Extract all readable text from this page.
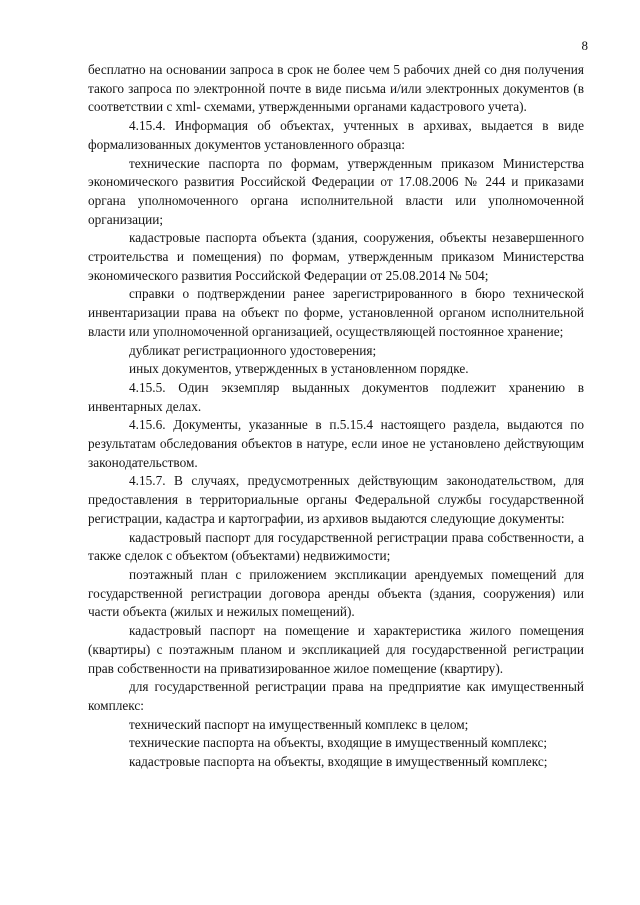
8

бесплатно на основании запроса в срок не более чем 5 рабочих дней со дня получения такого запроса по электронной почте в виде письма и/или электронных документов (в соответствии с xml- схемами, утвержденными органами кадастрового учета).

4.15.4. Информация об объектах, учтенных в архивах, выдается в виде формализованных документов установленного образца:

технические паспорта по формам, утвержденным приказом Министерства экономического развития Российской Федерации от 17.08.2006 № 244 и приказами органа уполномоченного органа исполнительной власти или уполномоченной организации;

кадастровые паспорта объекта (здания, сооружения, объекты незавершенного строительства и помещения) по формам, утвержденным приказом Министерства экономического развития Российской Федерации от 25.08.2014 № 504;

справки о подтверждении ранее зарегистрированного в бюро технической инвентаризации права на объект по форме, установленной органом исполнительной власти или уполномоченной организацией, осуществляющей постоянное хранение;

дубликат регистрационного удостоверения;

иных документов, утвержденных в установленном порядке.

4.15.5. Один экземпляр выданных документов подлежит хранению в инвентарных делах.

4.15.6. Документы, указанные в п.5.15.4 настоящего раздела, выдаются по результатам обследования объектов в натуре, если иное не установлено действующим законодательством.

4.15.7. В случаях, предусмотренных действующим законодательством, для предоставления в территориальные органы Федеральной службы государственной регистрации, кадастра и картографии, из архивов выдаются следующие документы:

кадастровый паспорт для государственной регистрации права собственности, а также сделок с объектом (объектами) недвижимости;

поэтажный план с приложением экспликации арендуемых помещений для государственной регистрации договора аренды объекта (здания, сооружения) или части объекта (жилых и нежилых помещений).

кадастровый паспорт на помещение и характеристика жилого помещения (квартиры) с поэтажным планом и экспликацией для государственной регистрации прав собственности на приватизированное жилое помещение (квартиру).

для государственной регистрации права на предприятие как имущественный комплекс:

технический паспорт на имущественный комплекс в целом;

технические паспорта на объекты, входящие в имущественный комплекс;

кадастровые паспорта на объекты, входящие в имущественный комплекс;
